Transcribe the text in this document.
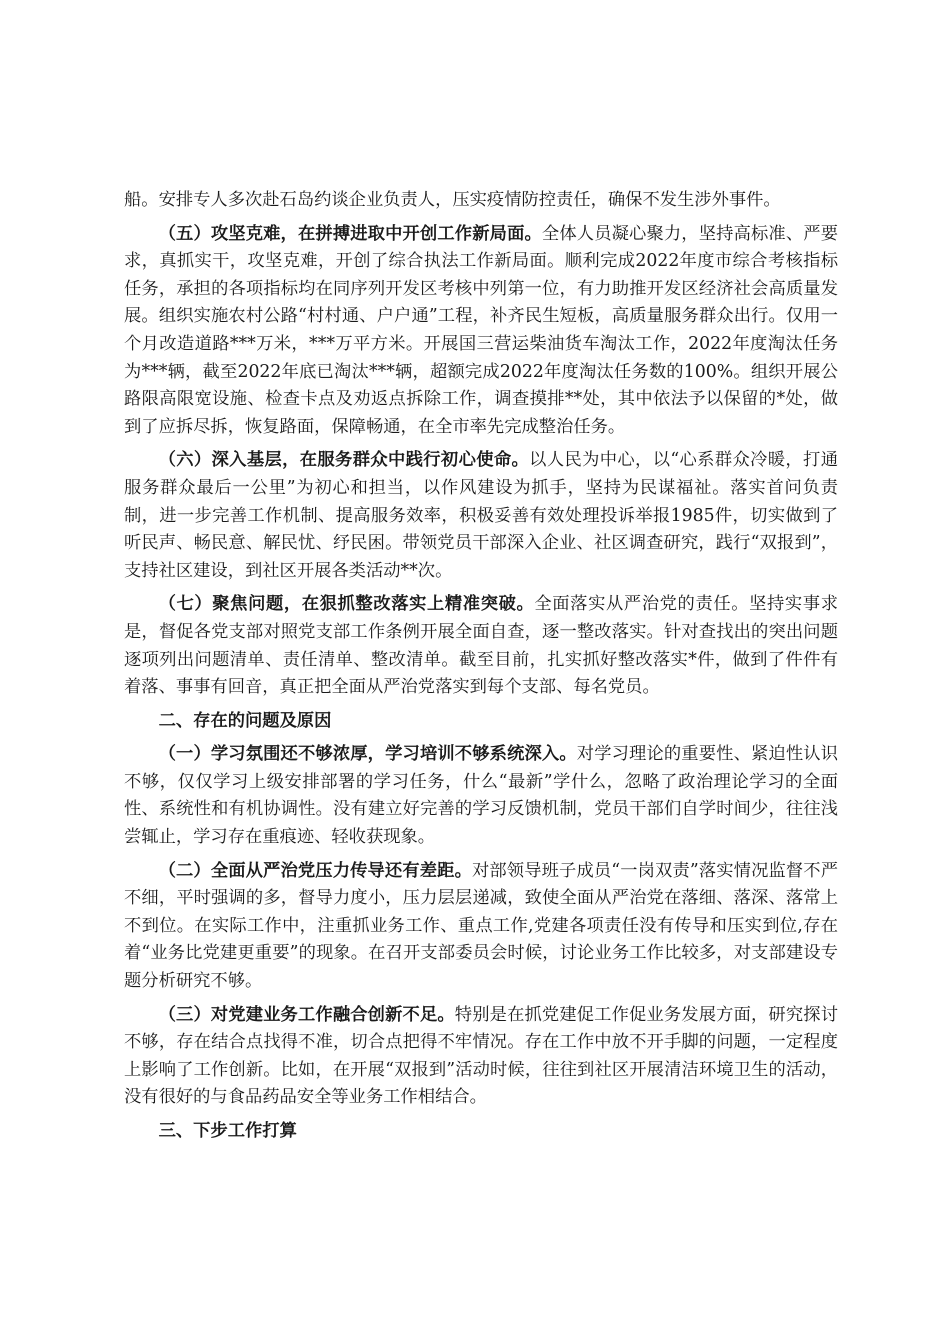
船。安排专人多次赴石岛约谈企业负责人，压实疫情防控责任，确保不发生涉外事件。

（五）攻坚克难，在拼搏进取中开创工作新局面。全体人员凝心聚力，坚持高标准、严要求，真抓实干，攻坚克难，开创了综合执法工作新局面。顺利完成2022年度市综合考核指标任务，承担的各项指标均在同序列开发区考核中列第一位，有力助推开发区经济社会高质量发展。组织实施农村公路“村村通、户户通”工程，补齐民生短板，高质量服务群众出行。仅用一个月改造道路***万米，***万平方米。开展国三营运柴油货车淘汰工作，2022年度淘汰任务为***辆，截至2022年底已淘汰***辆，超额完成2022年度淘汰任务数的100%。组织开展公路限高限宽设施、检查卡点及劝返点拆除工作，调查摸排**处，其中依法予以保留的*处，做到了应拆尽拆，恢复路面，保障畅通，在全市率先完成整治任务。

（六）深入基层，在服务群众中践行初心使命。以人民为中心，以“心系群众冷暖，打通服务群众最后一公里”为初心和担当，以作风建设为抓手，坚持为民谋福祉。落实首问负责制，进一步完善工作机制、提高服务效率，积极妥善有效处理投诉举报1985件，切实做到了听民声、畅民意、解民忧、纾民困。带领党员干部深入企业、社区调查研究，践行“双报到”，支持社区建设，到社区开展各类活动**次。

（七）聚焦问题，在狠抓整改落实上精准突破。全面落实从严治党的责任。坚持实事求是，督促各党支部对照党支部工作条例开展全面自查，逐一整改落实。针对查找出的突出问题逐项列出问题清单、责任清单、整改清单。截至目前，扎实抓好整改落实*件，做到了件件有着落、事事有回音，真正把全面从严治党落实到每个支部、每名党员。

二、存在的问题及原因

（一）学习氛围还不够浓厚，学习培训不够系统深入。对学习理论的重要性、紧迫性认识不够，仅仅学习上级安排部署的学习任务，什么“最新”学什么，忽略了政治理论学习的全面性、系统性和有机协调性。没有建立好完善的学习反馈机制，党员干部们自学时间少，往往浅尝辄止，学习存在重痕迹、轻收获现象。

（二）全面从严治党压力传导还有差距。对部领导班子成员“一岗双责”落实情况监督不严不细，平时强调的多，督导力度小，压力层层递减，致使全面从严治党在落细、落深、落常上不到位。在实际工作中，注重抓业务工作、重点工作,党建各项责任没有传导和压实到位,存在着“业务比党建更重要”的现象。在召开支部委员会时候，讨论业务工作比较多，对支部建设专题分析研究不够。

（三）对党建业务工作融合创新不足。特别是在抓党建促工作促业务发展方面，研究探讨不够，存在结合点找得不准，切合点把得不牢情况。存在工作中放不开手脚的问题，一定程度上影响了工作创新。比如，在开展“双报到”活动时候，往往到社区开展清洁环境卫生的活动，没有很好的与食品药品安全等业务工作相结合。

三、下步工作打算
